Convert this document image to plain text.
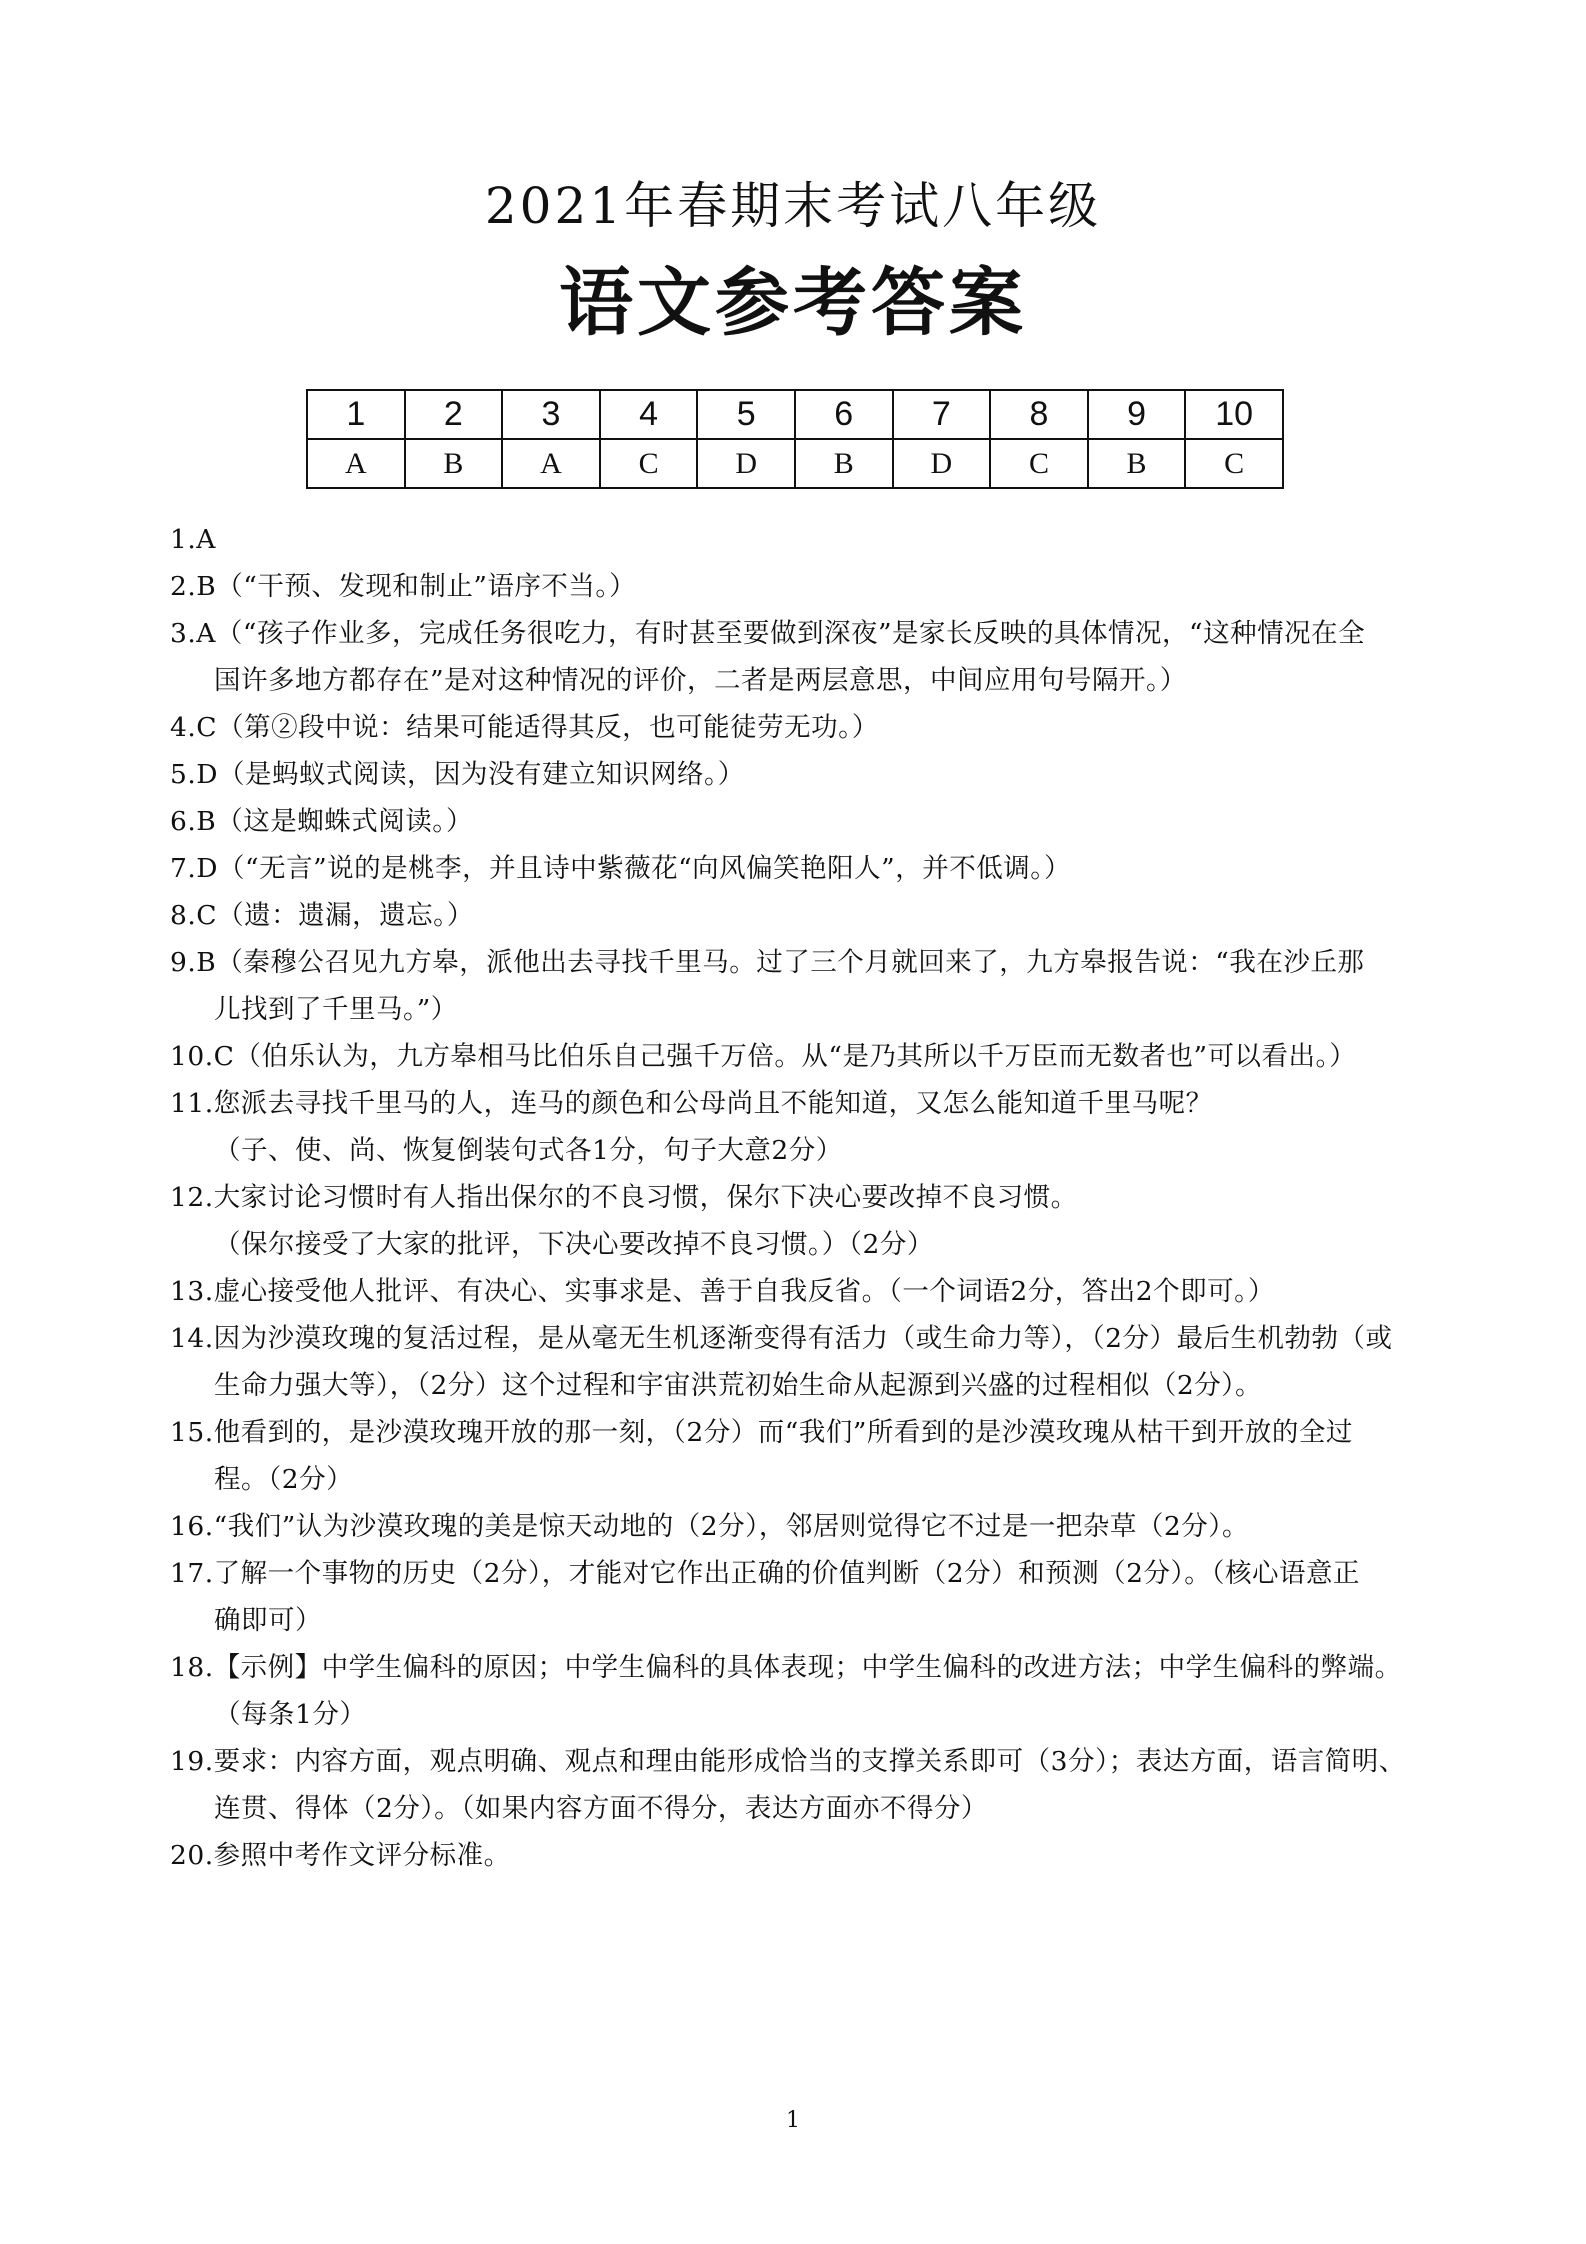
2021年春期末考试八年级
语文参考答案
1	2	3	4	5	6	7	8	9	10
A	B	A	C	D	B	D	C	B	C
1. A
2. B（“干预、发现和制止”语序不当。）
3. A（“孩子作业多，完成任务很吃力，有时甚至要做到深夜”是家长反映的具体情况，“这种情况在全
国许多地方都存在”是对这种情况的评价，二者是两层意思，中间应用句号隔开。）
4. C（第②段中说：结果可能适得其反，也可能徒劳无功。）
5. D（是蚂蚁式阅读，因为没有建立知识网络。）
6. B（这是蜘蛛式阅读。）
7. D（“无言”说的是桃李，并且诗中紫薇花“向风偏笑艳阳人”，并不低调。）
8. C（遗：遗漏，遗忘。）
9. B（秦穆公召见九方皋，派他出去寻找千里马。过了三个月就回来了，九方皋报告说：“我在沙丘那
儿找到了千里马。”）
10. C（伯乐认为，九方皋相马比伯乐自己强千万倍。从“是乃其所以千万臣而无数者也”可以看出。）
11. 您派去寻找千里马的人，连马的颜色和公母尚且不能知道，又怎么能知道千里马呢？
（子、使、尚、恢复倒装句式各1分，句子大意2分）
12. 大家讨论习惯时有人指出保尔的不良习惯，保尔下决心要改掉不良习惯。
（保尔接受了大家的批评，下决心要改掉不良习惯。）（2分）
13. 虚心接受他人批评、有决心、实事求是、善于自我反省。（一个词语2分，答出2个即可。）
14. 因为沙漠玫瑰的复活过程，是从毫无生机逐渐变得有活力（或生命力等），（2分）最后生机勃勃（或
生命力强大等），（2分）这个过程和宇宙洪荒初始生命从起源到兴盛的过程相似（2分）。
15. 他看到的，是沙漠玫瑰开放的那一刻，（2分）而“我们”所看到的是沙漠玫瑰从枯干到开放的全过
程。（2分）
16. “我们”认为沙漠玫瑰的美是惊天动地的（2分），邻居则觉得它不过是一把杂草（2分）。
17. 了解一个事物的历史（2分），才能对它作出正确的价值判断（2分）和预测（2分）。（核心语意正
确即可）
18. 【示例】中学生偏科的原因；中学生偏科的具体表现；中学生偏科的改进方法；中学生偏科的弊端。
（每条1分）
19. 要求：内容方面，观点明确、观点和理由能形成恰当的支撑关系即可（3分）；表达方面，语言简明、
连贯、得体（2分）。（如果内容方面不得分，表达方面亦不得分）
20. 参照中考作文评分标准。
1
